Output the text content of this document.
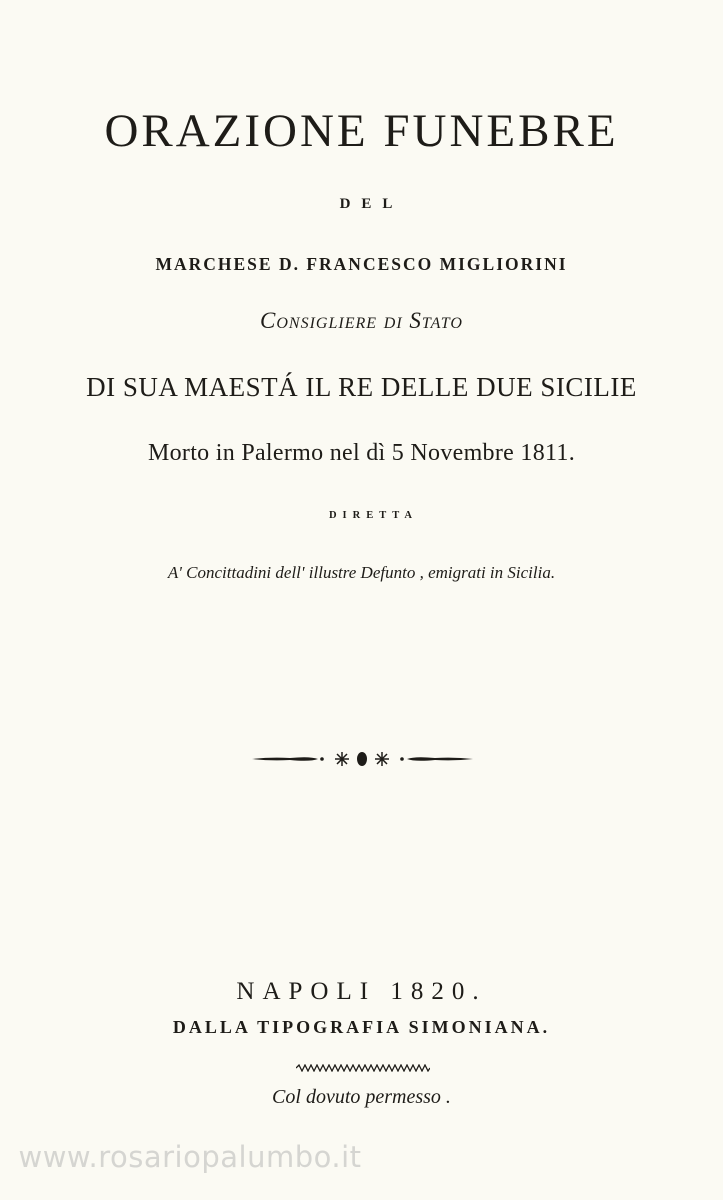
ORAZIONE FUNEBRE
DEL
MARCHESE D. FRANCESCO MIGLIORINI
Consigliere di Stato
DI SUA MAESTÁ IL RE DELLE DUE SICILIE
Morto in Palermo nel dì 5 Novembre 1811.
DIRETTA
A' Concittadini dell' illustre Defunto , emigrati in Sicilia.
NAPOLI 1820.
DALLA TIPOGRAFIA SIMONIANA.
Col dovuto permesso .
www.rosariopalumbo.it
